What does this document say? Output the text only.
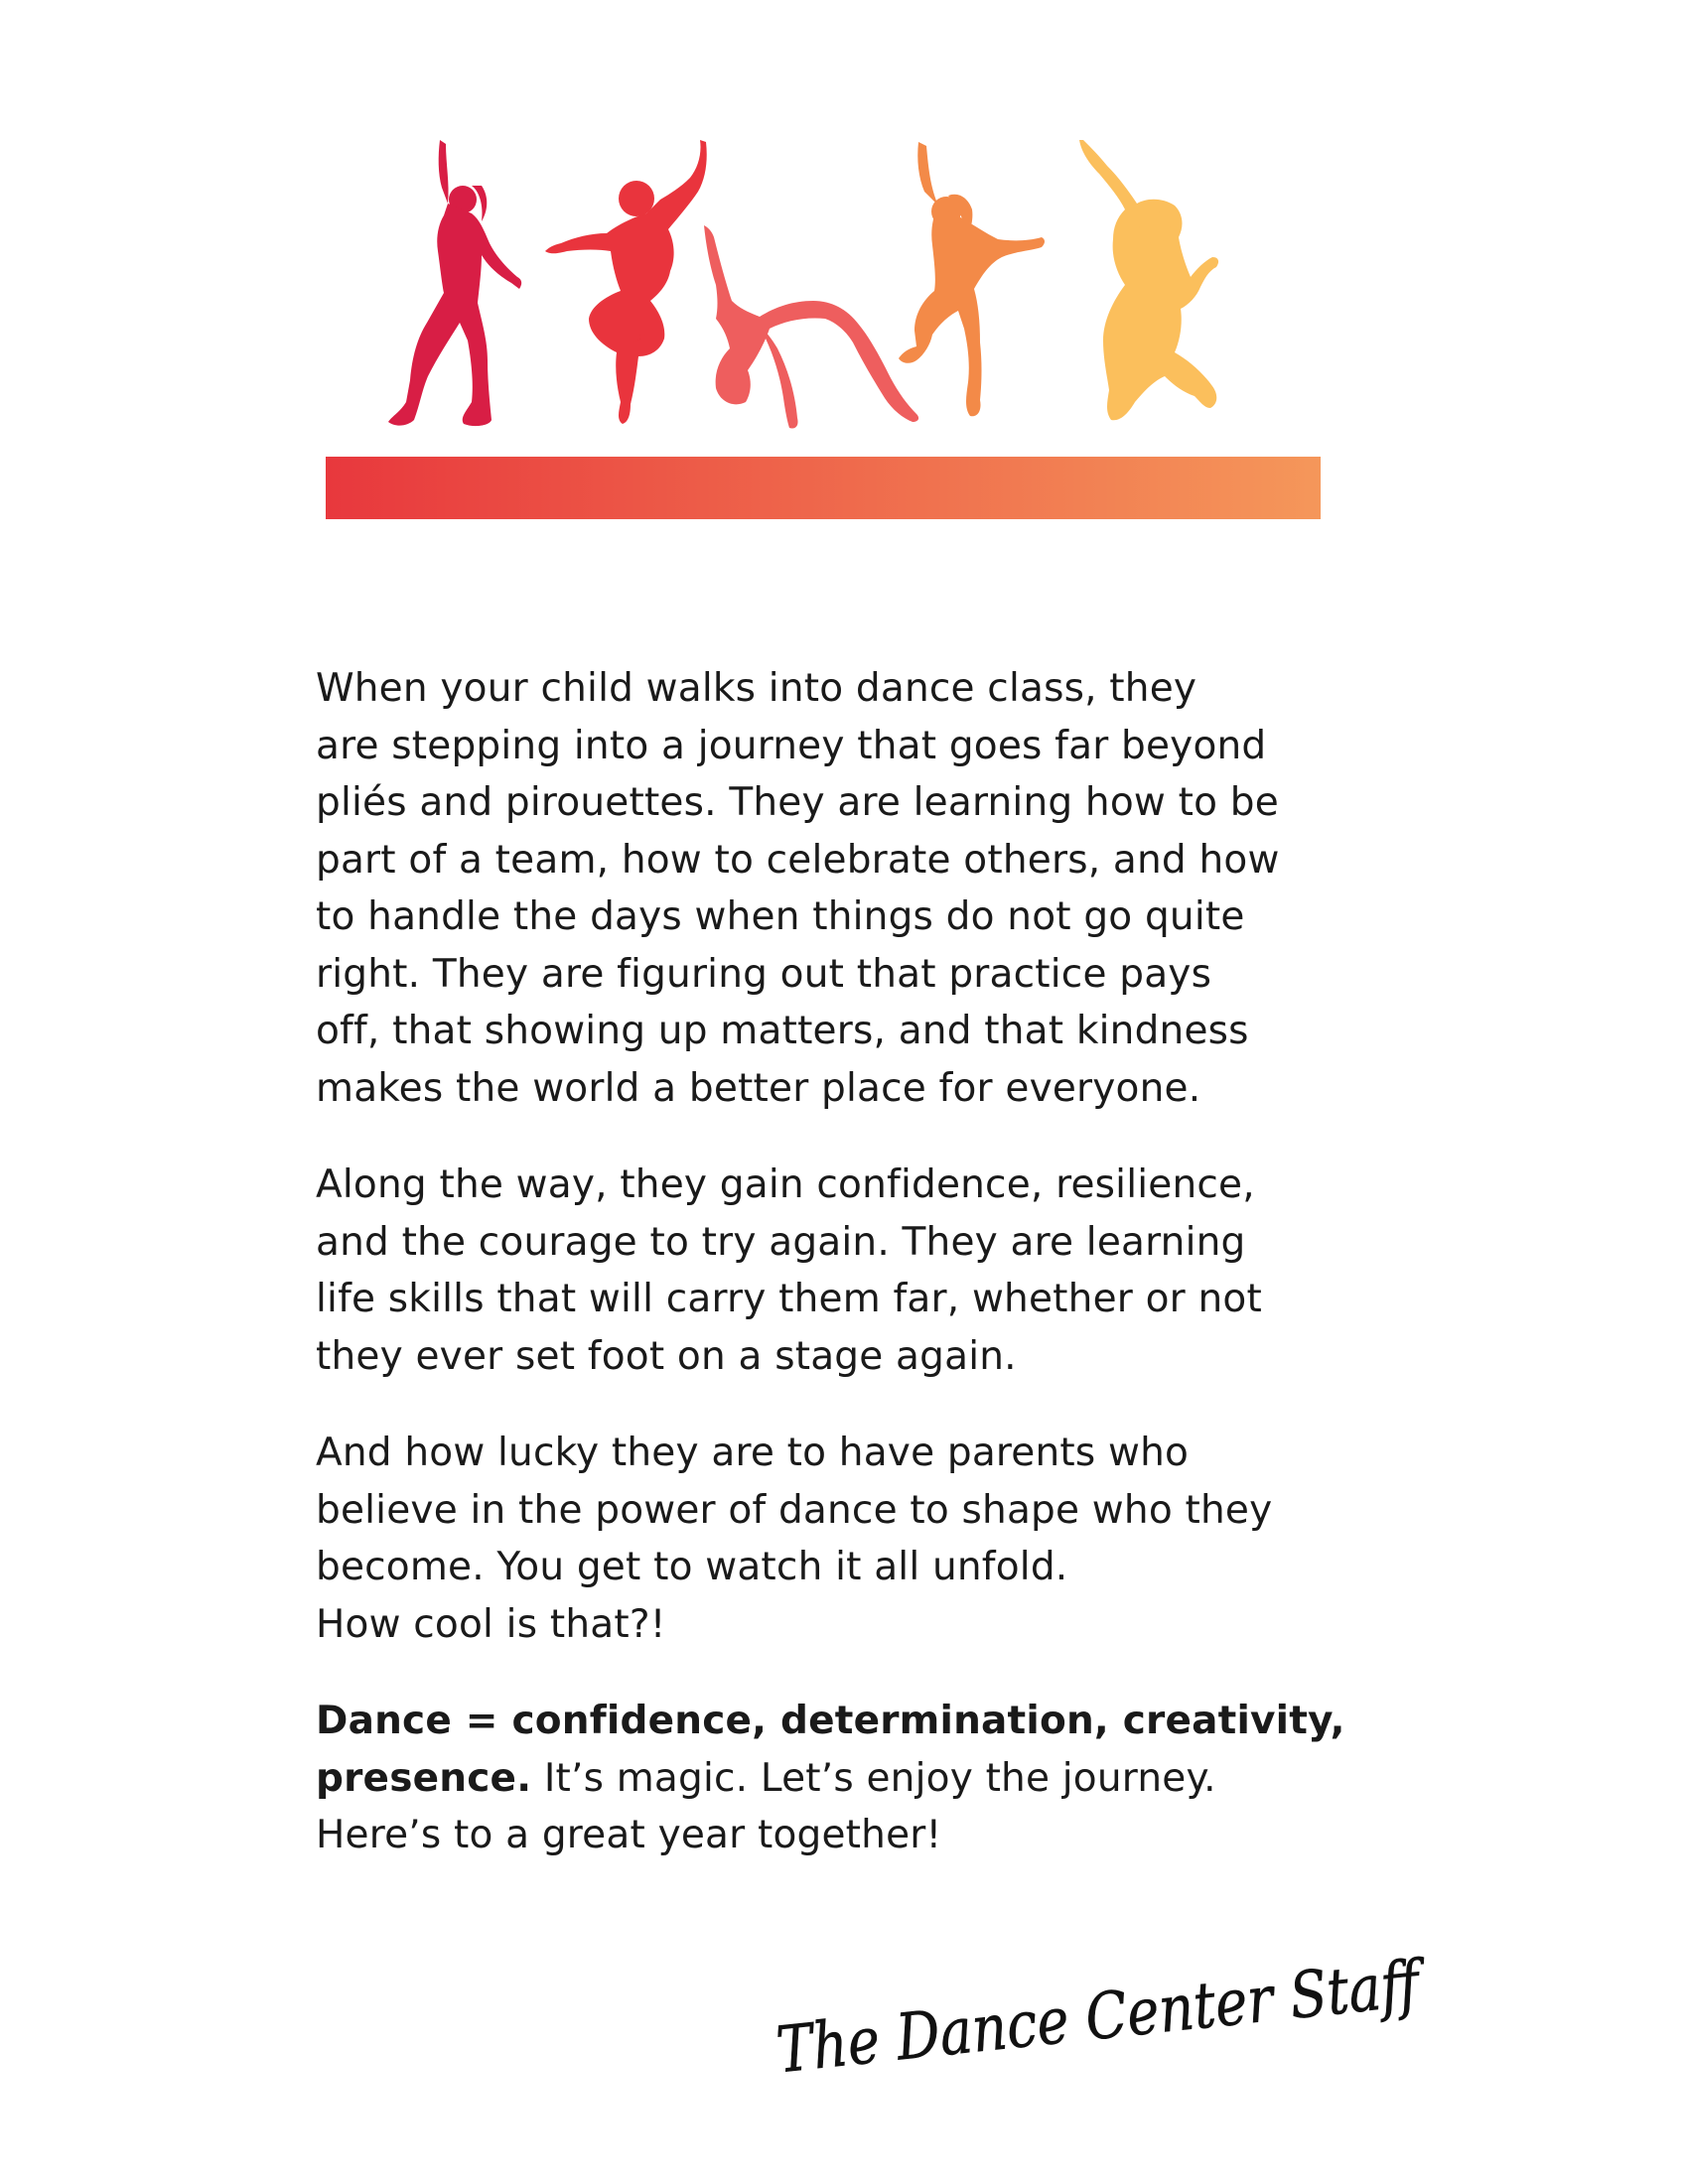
When your child walks into dance class, they
are stepping into a journey that goes far beyond
pliés and pirouettes. They are learning how to be
part of a team, how to celebrate others, and how
to handle the days when things do not go quite
right. They are figuring out that practice pays
off, that showing up matters, and that kindness
makes the world a better place for everyone.

Along the way, they gain confidence, resilience,
and the courage to try again. They are learning
life skills that will carry them far, whether or not
they ever set foot on a stage again.

And how lucky they are to have parents who
believe in the power of dance to shape who they
become. You get to watch it all unfold.
How cool is that?!

Dance = confidence, determination, creativity,
presence. It’s magic. Let’s enjoy the journey.
Here’s to a great year together!

The Dance Center Staff
